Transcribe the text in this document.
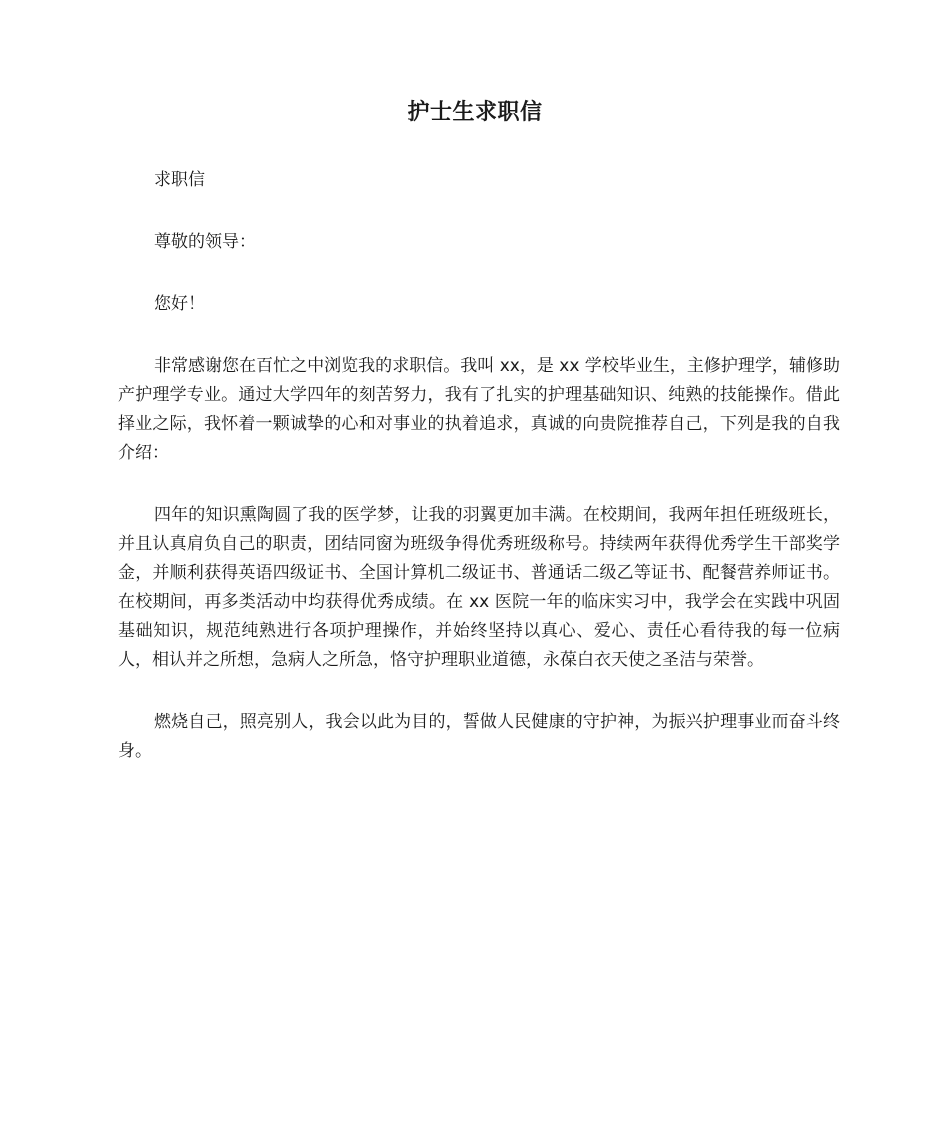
护士生求职信

求职信

尊敬的领导：

您好！

非常感谢您在百忙之中浏览我的求职信。我叫 xx，是 xx 学校毕业生，主修护理学，辅修助产护理学专业。通过大学四年的刻苦努力，我有了扎实的护理基础知识、纯熟的技能操作。借此择业之际，我怀着一颗诚挚的心和对事业的执着追求，真诚的向贵院推荐自己，下列是我的自我介绍：

四年的知识熏陶圆了我的医学梦，让我的羽翼更加丰满。在校期间，我两年担任班级班长，并且认真肩负自己的职责，团结同窗为班级争得优秀班级称号。持续两年获得优秀学生干部奖学金，并顺利获得英语四级证书、全国计算机二级证书、普通话二级乙等证书、配餐营养师证书。在校期间，再多类活动中均获得优秀成绩。在 xx 医院一年的临床实习中，我学会在实践中巩固基础知识，规范纯熟进行各项护理操作，并始终坚持以真心、爱心、责任心看待我的每一位病人，相认并之所想，急病人之所急，恪守护理职业道德，永葆白衣天使之圣洁与荣誉。

燃烧自己，照亮别人，我会以此为目的，誓做人民健康的守护神，为振兴护理事业而奋斗终身。
